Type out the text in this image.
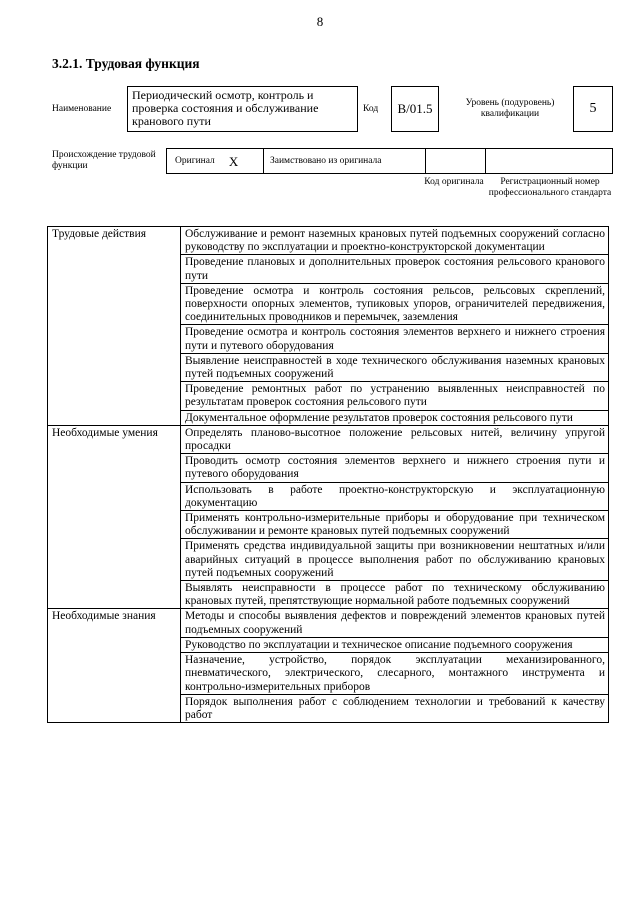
8
3.2.1. Трудовая функция
Наименование
Периодический осмотр, контроль и проверка состояния и обслуживание кранового пути
Код	B/01.5	Уровень (подуровень) квалификации	5
Происхождение трудовой функции
Оригинал X	Заимствовано из оригинала
Код оригинала	Регистрационный номер профессионального стандарта
Трудовые действия	Обслуживание и ремонт наземных крановых путей подъемных сооружений согласно руководству по эксплуатации и проектно-конструкторской документации
	Проведение плановых и дополнительных проверок состояния рельсового кранового пути
	Проведение осмотра и контроль состояния рельсов, рельсовых скреплений, поверхности опорных элементов, тупиковых упоров, ограничителей передвижения, соединительных проводников и перемычек, заземления
	Проведение осмотра и контроль состояния элементов верхнего и нижнего строения пути и путевого оборудования
	Выявление неисправностей в ходе технического обслуживания наземных крановых путей подъемных сооружений
	Проведение ремонтных работ по устранению выявленных неисправностей по результатам проверок состояния рельсового пути
	Документальное оформление результатов проверок состояния рельсового пути
Необходимые умения	Определять планово-высотное положение рельсовых нитей, величину упругой просадки
	Проводить осмотр состояния элементов верхнего и нижнего строения пути и путевого оборудования
	Использовать в работе проектно-конструкторскую и эксплуатационную документацию
	Применять контрольно-измерительные приборы и оборудование при техническом обслуживании и ремонте крановых путей подъемных сооружений
	Применять средства индивидуальной защиты при возникновении нештатных и/или аварийных ситуаций в процессе выполнения работ по обслуживанию крановых путей подъемных сооружений
	Выявлять неисправности в процессе работ по техническому обслуживанию крановых путей, препятствующие нормальной работе подъемных сооружений
Необходимые знания	Методы и способы выявления дефектов и повреждений элементов крановых путей подъемных сооружений
	Руководство по эксплуатации и техническое описание подъемного сооружения
	Назначение, устройство, порядок эксплуатации механизированного, пневматического, электрического, слесарного, монтажного инструмента и контрольно-измерительных приборов
	Порядок выполнения работ с соблюдением технологии и требований к качеству работ
